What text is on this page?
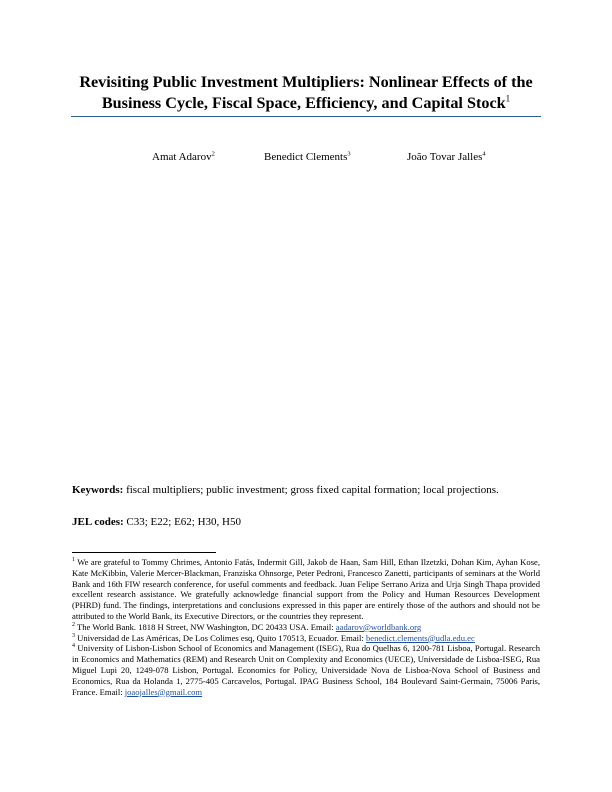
Revisiting Public Investment Multipliers: Nonlinear Effects of the
Business Cycle, Fiscal Space, Efficiency, and Capital Stock$^1$
Amat Adarov$^2$	Benedict Clements$^3$	João Tovar Jalles$^4$
Keywords: fiscal multipliers; public investment; gross fixed capital formation; local projections.
JEL codes: C33; E22; E62; H30, H50

$^1$ We are grateful to Tommy Chrimes, Antonio Fatás, Indermit Gill, Jakob de Haan, Sam Hill, Ethan Ilzetzki, Dohan Kim, Ayhan Kose, Kate McKibbin, Valerie Mercer-Blackman, Franziska Ohnsorge, Peter Pedroni, Francesco Zanetti, participants of seminars at the World Bank and 16th FIW research conference, for useful comments and feedback. Juan Felipe Serrano Ariza and Urja Singh Thapa provided excellent research assistance. We gratefully acknowledge financial support from the Policy and Human Resources Development (PHRD) fund. The findings, interpretations and conclusions expressed in this paper are entirely those of the authors and should not be attributed to the World Bank, its Executive Directors, or the countries they represent.

$^2$ The World Bank. 1818 H Street, NW Washington, DC 20433 USA. Email: aadarov@worldbank.org

$^3$ Universidad de Las Américas, De Los Colimes esq, Quito 170513, Ecuador. Email: benedict.clements@udla.edu.ec

$^4$ University of Lisbon-Lisbon School of Economics and Management (ISEG), Rua do Quelhas 6, 1200-781 Lisboa, Portugal. Research in Economics and Mathematics (REM) and Research Unit on Complexity and Economics (UECE), Universidade de Lisboa-ISEG, Rua Miguel Lupi 20, 1249-078 Lisbon, Portugal. Economics for Policy, Universidade Nova de Lisboa-Nova School of Business and Economics, Rua da Holanda 1, 2775-405 Carcavelos, Portugal. IPAG Business School, 184 Boulevard Saint-Germain, 75006 Paris, France. Email: joaojalles@gmail.com
